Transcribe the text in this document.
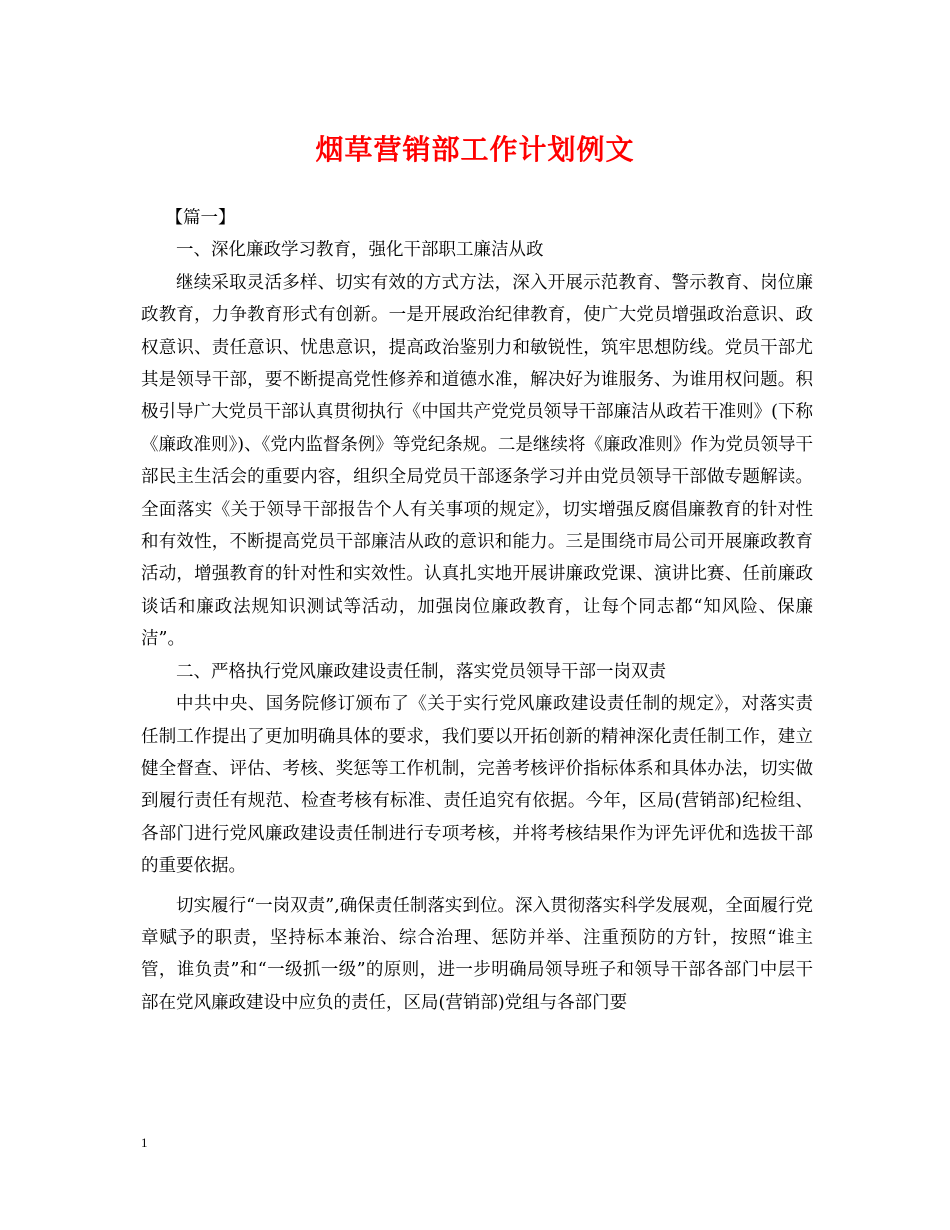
烟草营销部工作计划例文

【篇一】

一、深化廉政学习教育，强化干部职工廉洁从政

继续采取灵活多样、切实有效的方式方法，深入开展示范教育、警示教育、岗位廉政教育，力争教育形式有创新。一是开展政治纪律教育，使广大党员增强政治意识、政权意识、责任意识、忧患意识，提高政治鉴别力和敏锐性，筑牢思想防线。党员干部尤其是领导干部，要不断提高党性修养和道德水准，解决好为谁服务、为谁用权问题。积极引导广大党员干部认真贯彻执行《中国共产党党员领导干部廉洁从政若干准则》(下称《廉政准则》)、《党内监督条例》等党纪条规。二是继续将《廉政准则》作为党员领导干部民主生活会的重要内容，组织全局党员干部逐条学习并由党员领导干部做专题解读。全面落实《关于领导干部报告个人有关事项的规定》，切实增强反腐倡廉教育的针对性和有效性，不断提高党员干部廉洁从政的意识和能力。三是围绕市局公司开展廉政教育活动，增强教育的针对性和实效性。认真扎实地开展讲廉政党课、演讲比赛、任前廉政谈话和廉政法规知识测试等活动，加强岗位廉政教育，让每个同志都“知风险、保廉洁”。

二、严格执行党风廉政建设责任制，落实党员领导干部一岗双责

中共中央、国务院修订颁布了《关于实行党风廉政建设责任制的规定》，对落实责任制工作提出了更加明确具体的要求，我们要以开拓创新的精神深化责任制工作，建立健全督查、评估、考核、奖惩等工作机制，完善考核评价指标体系和具体办法，切实做到履行责任有规范、检查考核有标准、责任追究有依据。今年，区局(营销部)纪检组、各部门进行党风廉政建设责任制进行专项考核，并将考核结果作为评先评优和选拔干部的重要依据。

切实履行“一岗双责”,确保责任制落实到位。深入贯彻落实科学发展观，全面履行党章赋予的职责，坚持标本兼治、综合治理、惩防并举、注重预防的方针，按照“谁主管，谁负责”和“一级抓一级”的原则，进一步明确局领导班子和领导干部各部门中层干部在党风廉政建设中应负的责任，区局(营销部)党组与各部门要

1
